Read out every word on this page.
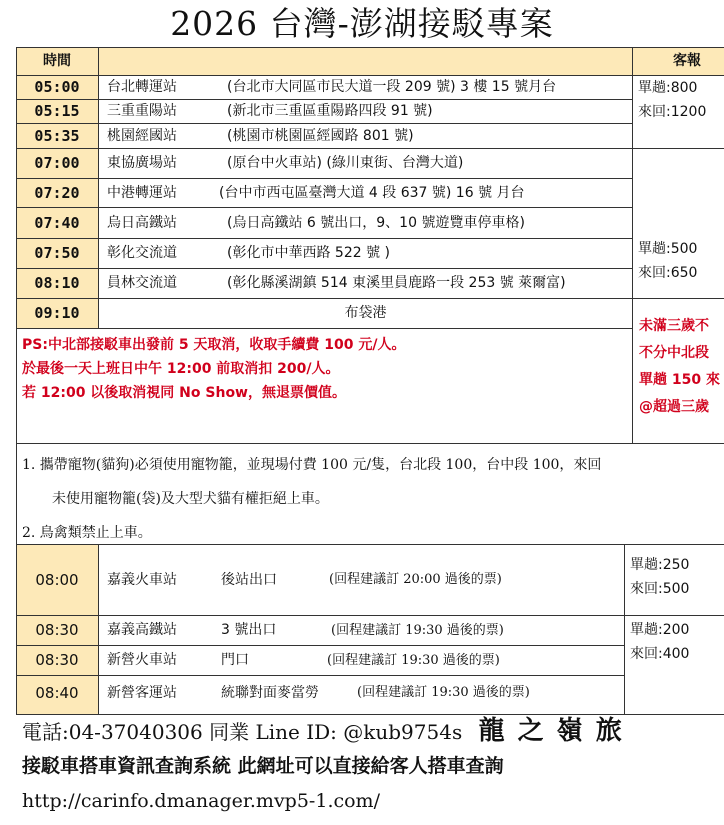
2026 台灣-澎湖接駁專案
時間	客報
05:00	台北轉運站	(台北市大同區市民大道一段 209 號) 3 樓 15 號月台
05:15	三重重陽站	(新北市三重區重陽路四段 91 號)
05:35	桃園經國站	(桃園市桃園區經國路 801 號)
單趟:800
來回:1200
07:00	東協廣場站	(原台中火車站) (綠川東街、台灣大道)
07:20	中港轉運站	(台中市西屯區臺灣大道 4 段 637 號) 16 號 月台
07:40	烏日高鐵站	(烏日高鐵站 6 號出口，9、10 號遊覽車停車格)
07:50	彰化交流道	(彰化市中華西路 522 號 )
08:10	員林交流道	(彰化縣溪湖鎮 514 東溪里員鹿路一段 253 號 萊爾富)
單趟:500
來回:650
09:10	布袋港
PS:中北部接駁車出發前 5 天取消，收取手續費 100 元/人。
於最後一天上班日中午 12:00 前取消扣 200/人。
若 12:00 以後取消視同 No Show，無退票價值。
未滿三歲不
不分中北段
單趟 150 來
@超過三歲
1. 攜帶寵物(貓狗)必須使用寵物籠，並現場付費 100 元/隻，台北段 100，台中段 100，來回
未使用寵物籠(袋)及大型犬貓有權拒絕上車。
2. 鳥禽類禁止上車。
08:00	嘉義火車站	後站出口	(回程建議訂 20:00 過後的票)
單趟:250
來回:500
08:30	嘉義高鐵站	3 號出口	(回程建議訂 19:30 過後的票)
08:30	新營火車站	門口	(回程建議訂 19:30 過後的票)
08:40	新營客運站	統聯對面麥當勞	(回程建議訂 19:30 過後的票)
單趟:200
來回:400
電話:04-37040306 同業 Line ID: @kub9754s 龍 之 嶺 旅
接駁車搭車資訊查詢系統 此網址可以直接給客人搭車查詢
http://carinfo.dmanager.mvp5-1.com/
